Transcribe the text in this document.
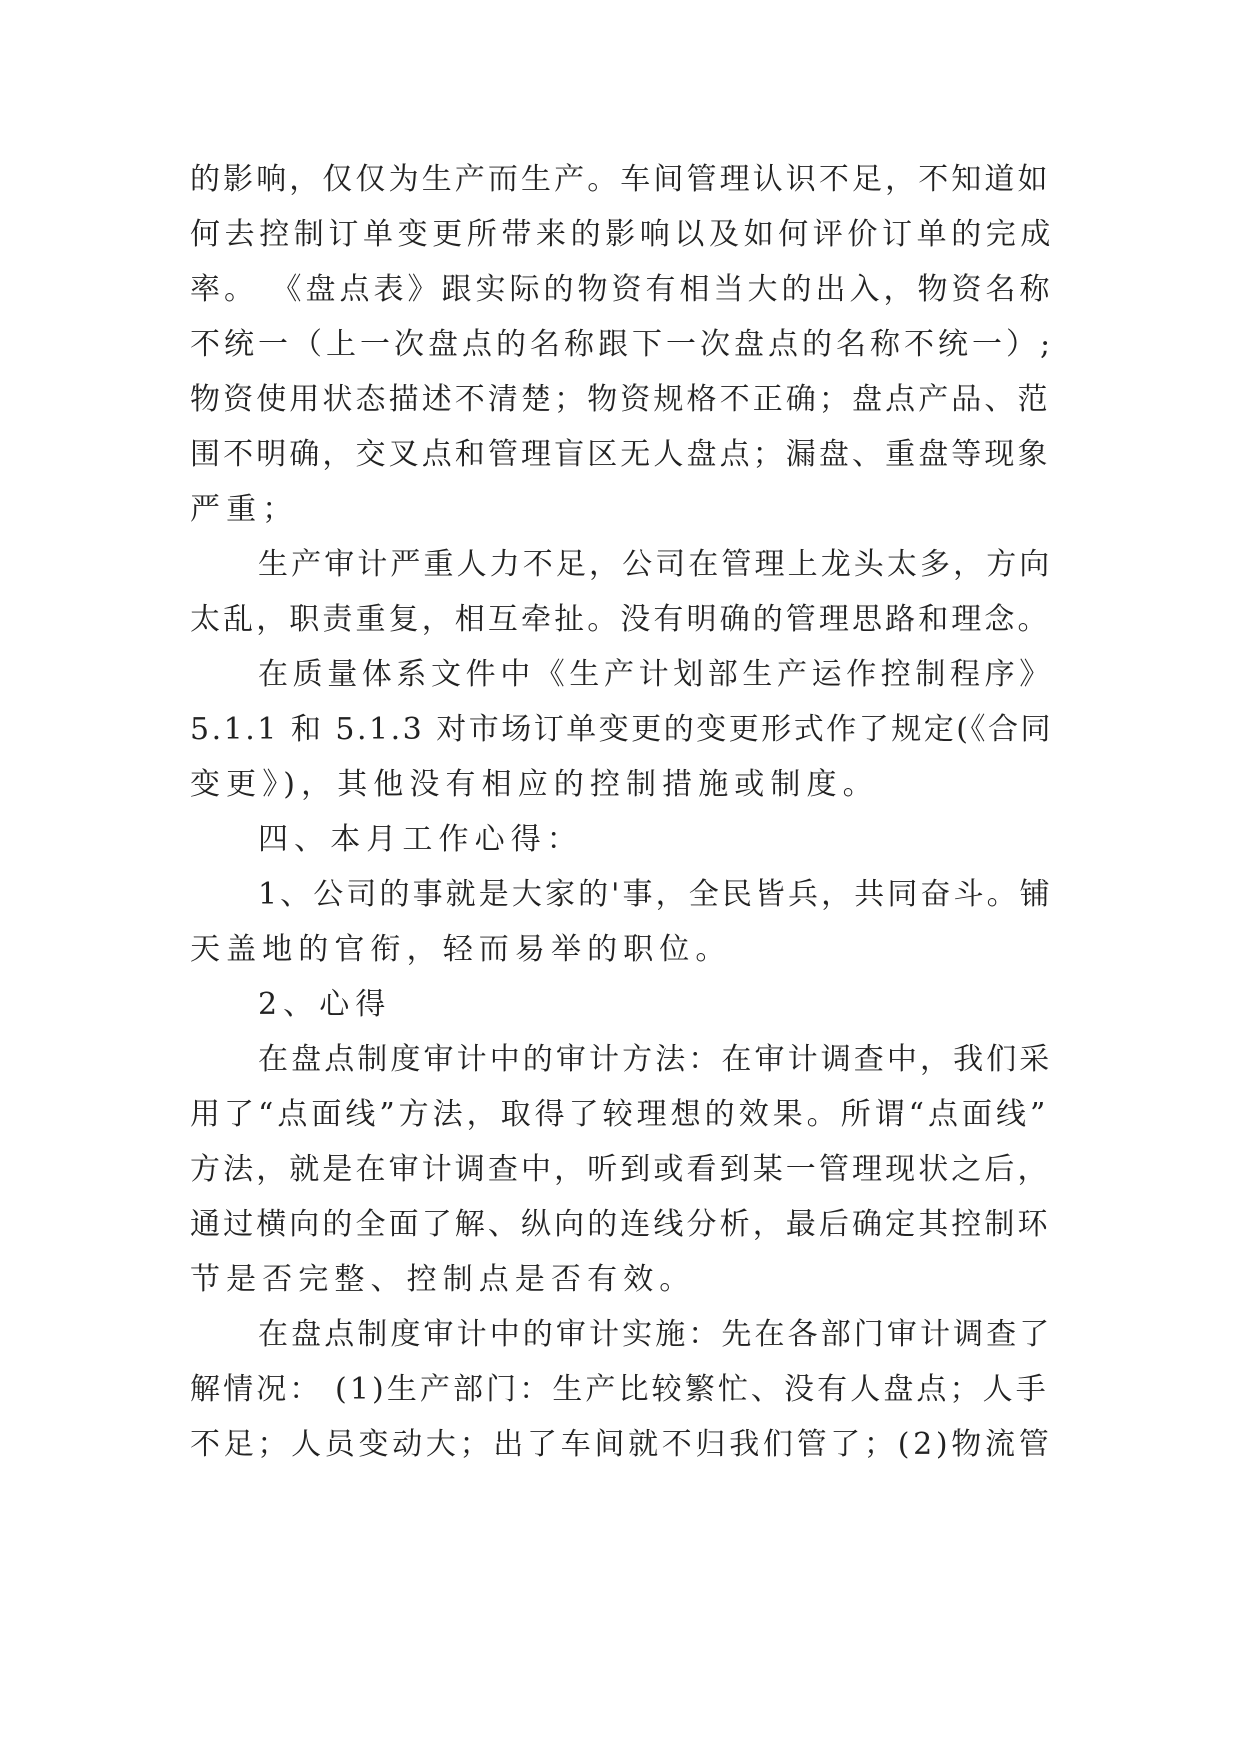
的影响，仅仅为生产而生产。车间管理认识不足，不知道如
何去控制订单变更所带来的影响以及如何评价订单的完成
率。 《盘点表》跟实际的物资有相当大的出入，物资名称
不统一（上一次盘点的名称跟下一次盘点的名称不统一）;
物资使用状态描述不清楚；物资规格不正确；盘点产品、范
围不明确，交叉点和管理盲区无人盘点；漏盘、重盘等现象
严重；
生产审计严重人力不足，公司在管理上龙头太多，方向
太乱，职责重复，相互牵扯。没有明确的管理思路和理念。
在质量体系文件中《生产计划部生产运作控制程序》
5.1.1 和 5.1.3 对市场订单变更的变更形式作了规定(《合同
变更》)，其他没有相应的控制措施或制度。
四、本月工作心得：
1、公司的事就是大家的'事，全民皆兵，共同奋斗。铺
天盖地的官衔，轻而易举的职位。
2、心得
在盘点制度审计中的审计方法：在审计调查中，我们采
用了“点面线”方法，取得了较理想的效果。所谓“点面线”
方法，就是在审计调查中，听到或看到某一管理现状之后，
通过横向的全面了解、纵向的连线分析，最后确定其控制环
节是否完整、控制点是否有效。
在盘点制度审计中的审计实施：先在各部门审计调查了
解情况： (1)生产部门：生产比较繁忙、没有人盘点；人手
不足；人员变动大；出了车间就不归我们管了；(2)物流管
